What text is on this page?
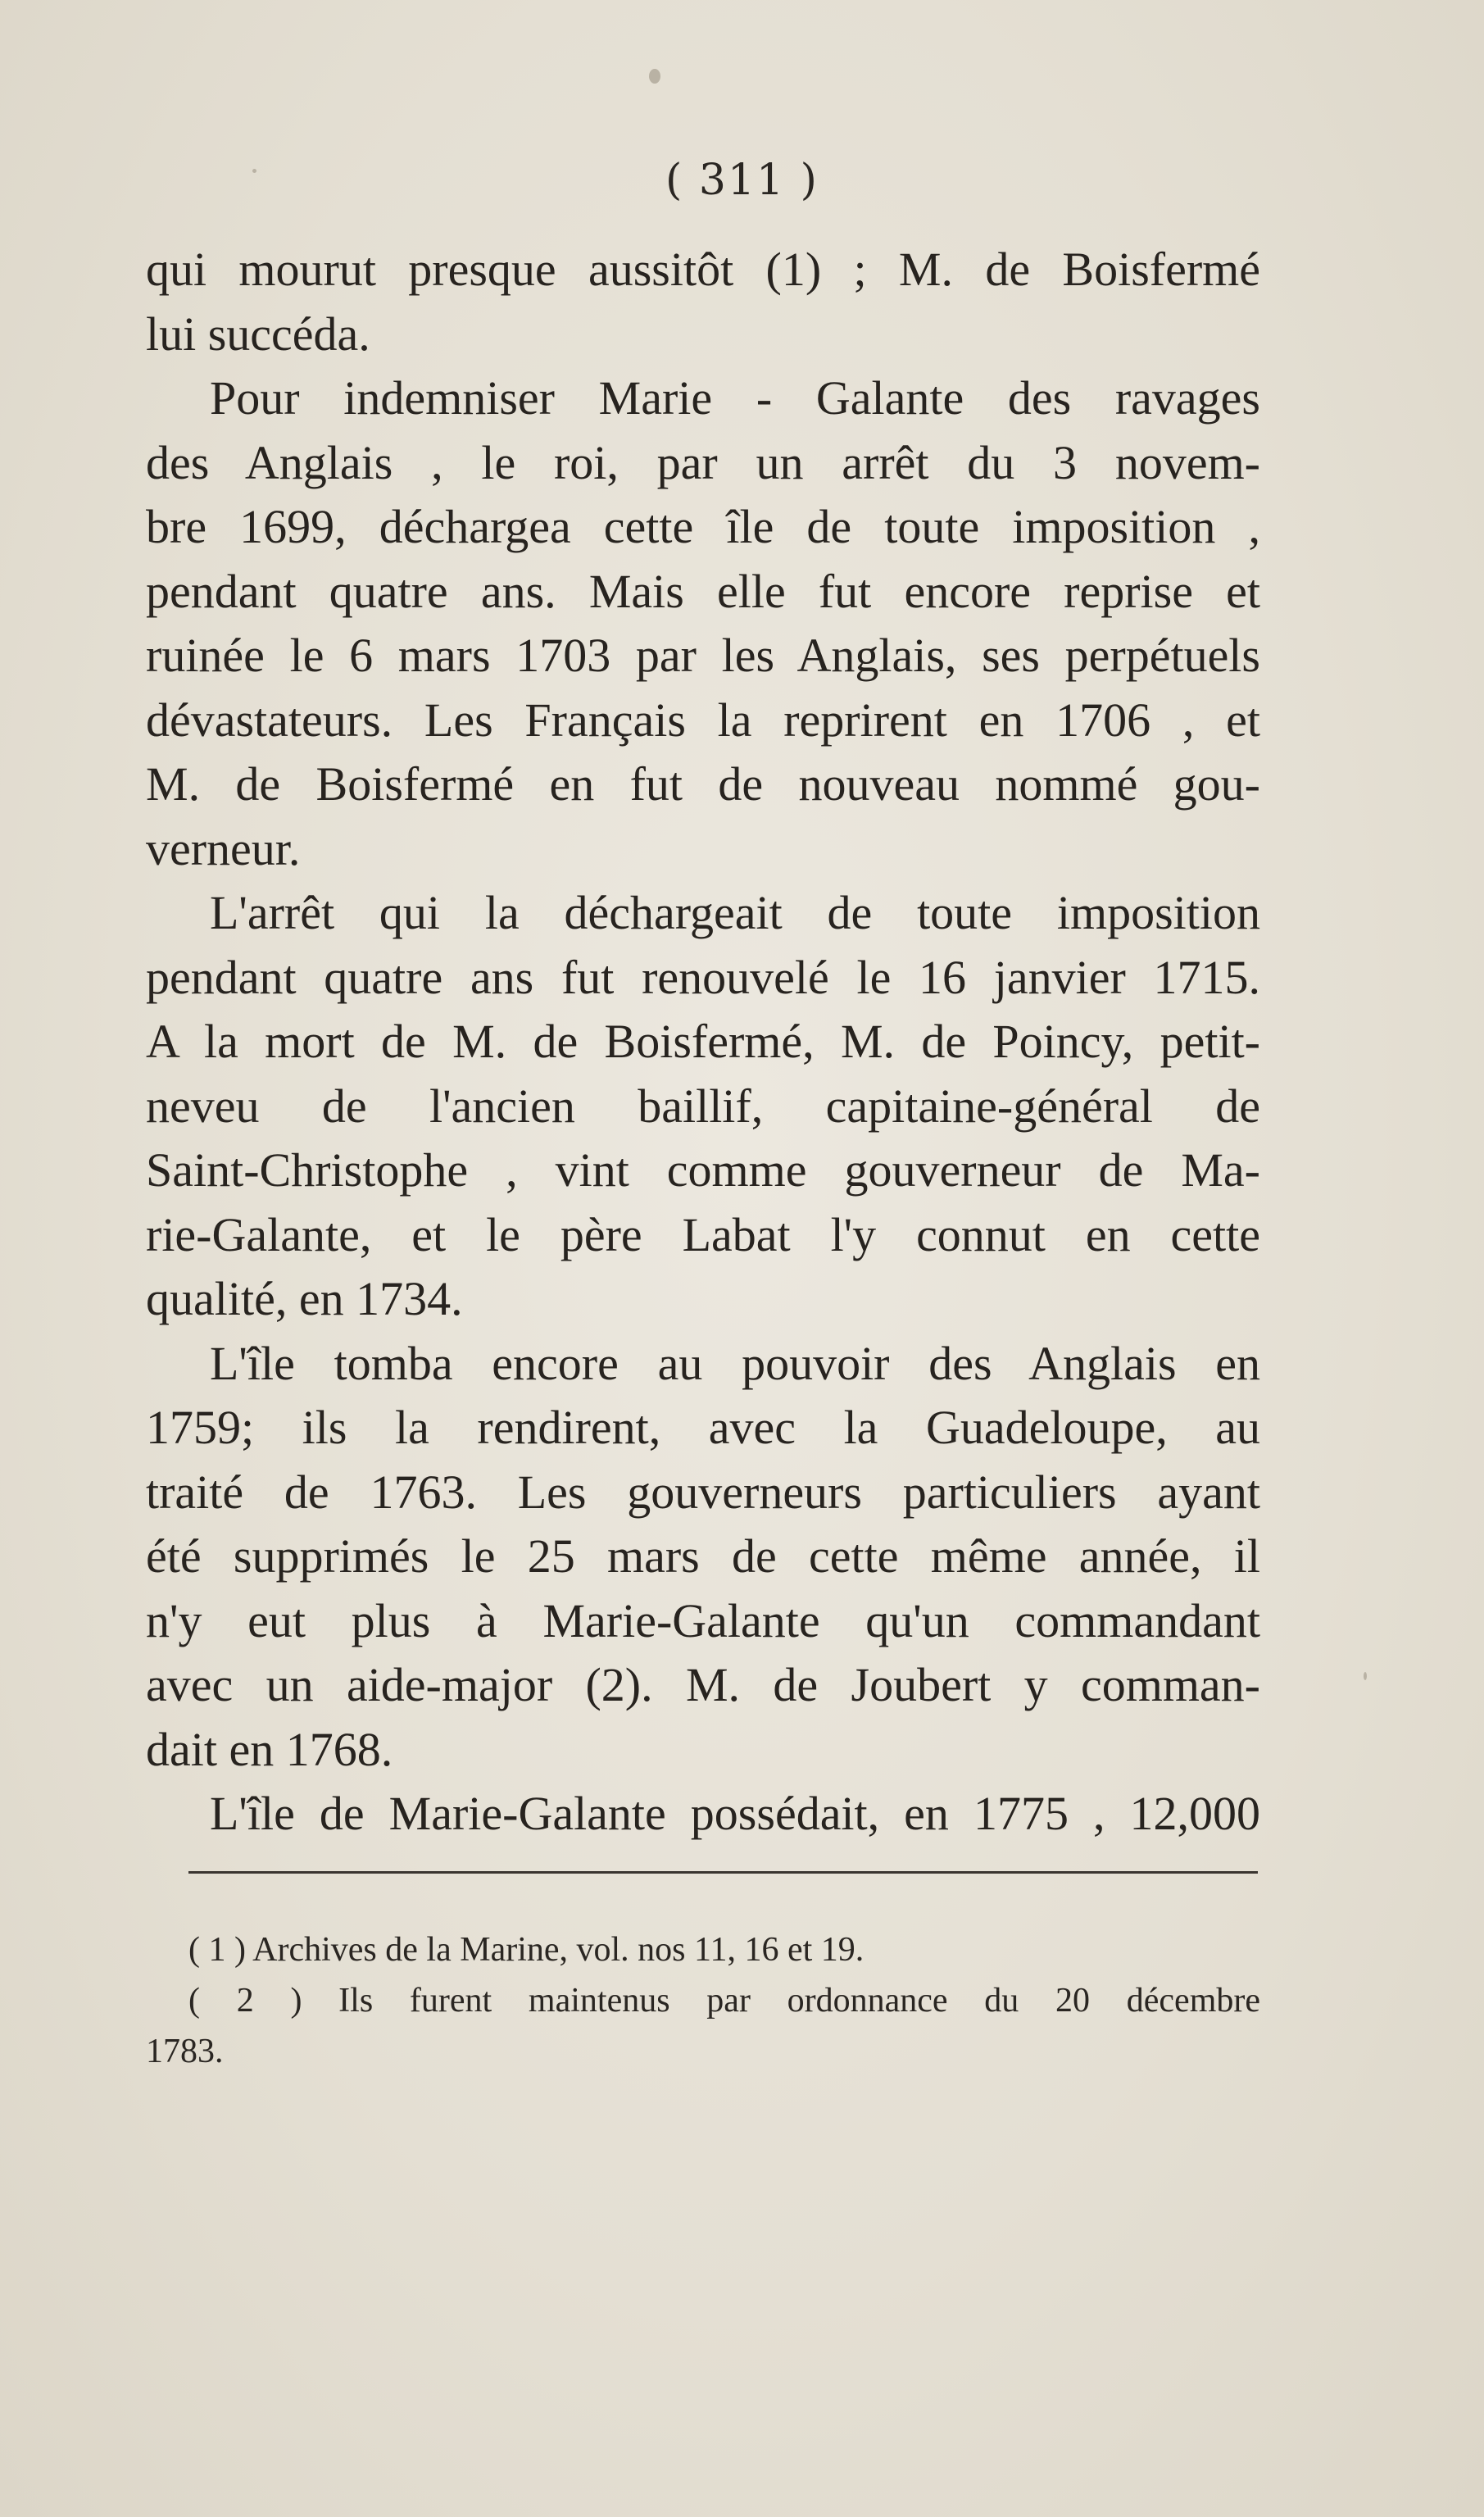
( 311 )
qui mourut presque aussitôt (1) ; M. de Boisfermé
lui succéda.
Pour indemniser Marie - Galante des ravages
des Anglais , le roi, par un arrêt du 3 novem-
bre 1699, déchargea cette île de toute imposition ,
pendant quatre ans. Mais elle fut encore reprise et
ruinée le 6 mars 1703 par les Anglais, ses perpétuels
dévastateurs. Les Français la reprirent en 1706 , et
M. de Boisfermé en fut de nouveau nommé gou-
verneur.
L'arrêt qui la déchargeait de toute imposition
pendant quatre ans fut renouvelé le 16 janvier 1715.
A la mort de M. de Boisfermé, M. de Poincy, petit-
neveu de l'ancien baillif, capitaine-général de
Saint-Christophe , vint comme gouverneur de Ma-
rie-Galante, et le père Labat l'y connut en cette
qualité, en 1734.
L'île tomba encore au pouvoir des Anglais en
1759; ils la rendirent, avec la Guadeloupe, au
traité de 1763. Les gouverneurs particuliers ayant
été supprimés le 25 mars de cette même année, il
n'y eut plus à Marie-Galante qu'un commandant
avec un aide-major (2). M. de Joubert y comman-
dait en 1768.
L'île de Marie-Galante possédait, en 1775 , 12,000
( 1 ) Archives de la Marine, vol. nos 11, 16 et 19.
( 2 ) Ils furent maintenus par ordonnance du 20 décembre
1783.
